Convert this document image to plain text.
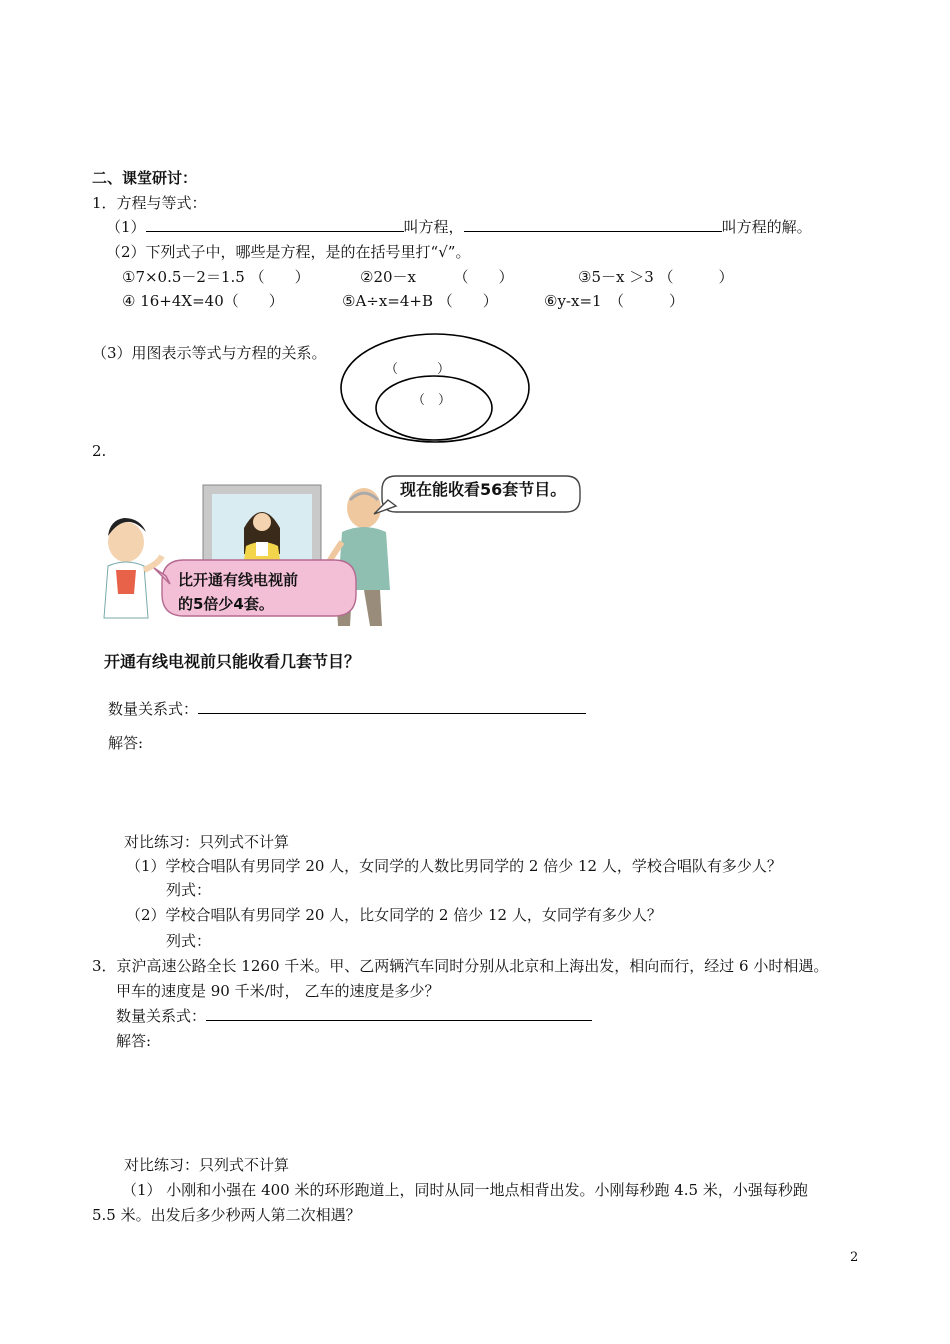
二、课堂研讨：
1．方程与等式：
（1）	叫方程，	叫方程的解。
（2）下列式子中，哪些是方程，是的在括号里打“√”。
①7×0.5－2＝1.5 （　　）	②20－x　　　（　　）	③5－x ＞3 （　　　）
④ 16+4X=40（　　）	⑤A÷x=4+B （　　）	⑥y-x=1　（　　　）
（3）用图表示等式与方程的关系。
（　　　）
（　）
2.
现在能收看56套节目。
比开通有线电视前
的5倍少4套。
开通有线电视前只能收看几套节目？
数量关系式：
解答:
对比练习：只列式不计算
（1）学校合唱队有男同学 20 人，女同学的人数比男同学的 2 倍少 12 人，学校合唱队有多少人？
列式：
（2）学校合唱队有男同学 20 人，比女同学的 2 倍少 12 人，女同学有多少人？
列式：
3．京沪高速公路全长 1260 千米。甲、乙两辆汽车同时分别从北京和上海出发，相向而行，经过 6 小时相遇。
甲车的速度是 90 千米/时， 乙车的速度是多少？
数量关系式：
解答:
对比练习：只列式不计算
（1） 小刚和小强在 400 米的环形跑道上，同时从同一地点相背出发。小刚每秒跑 4.5 米，小强每秒跑
5.5 米。出发后多少秒两人第二次相遇？
2
